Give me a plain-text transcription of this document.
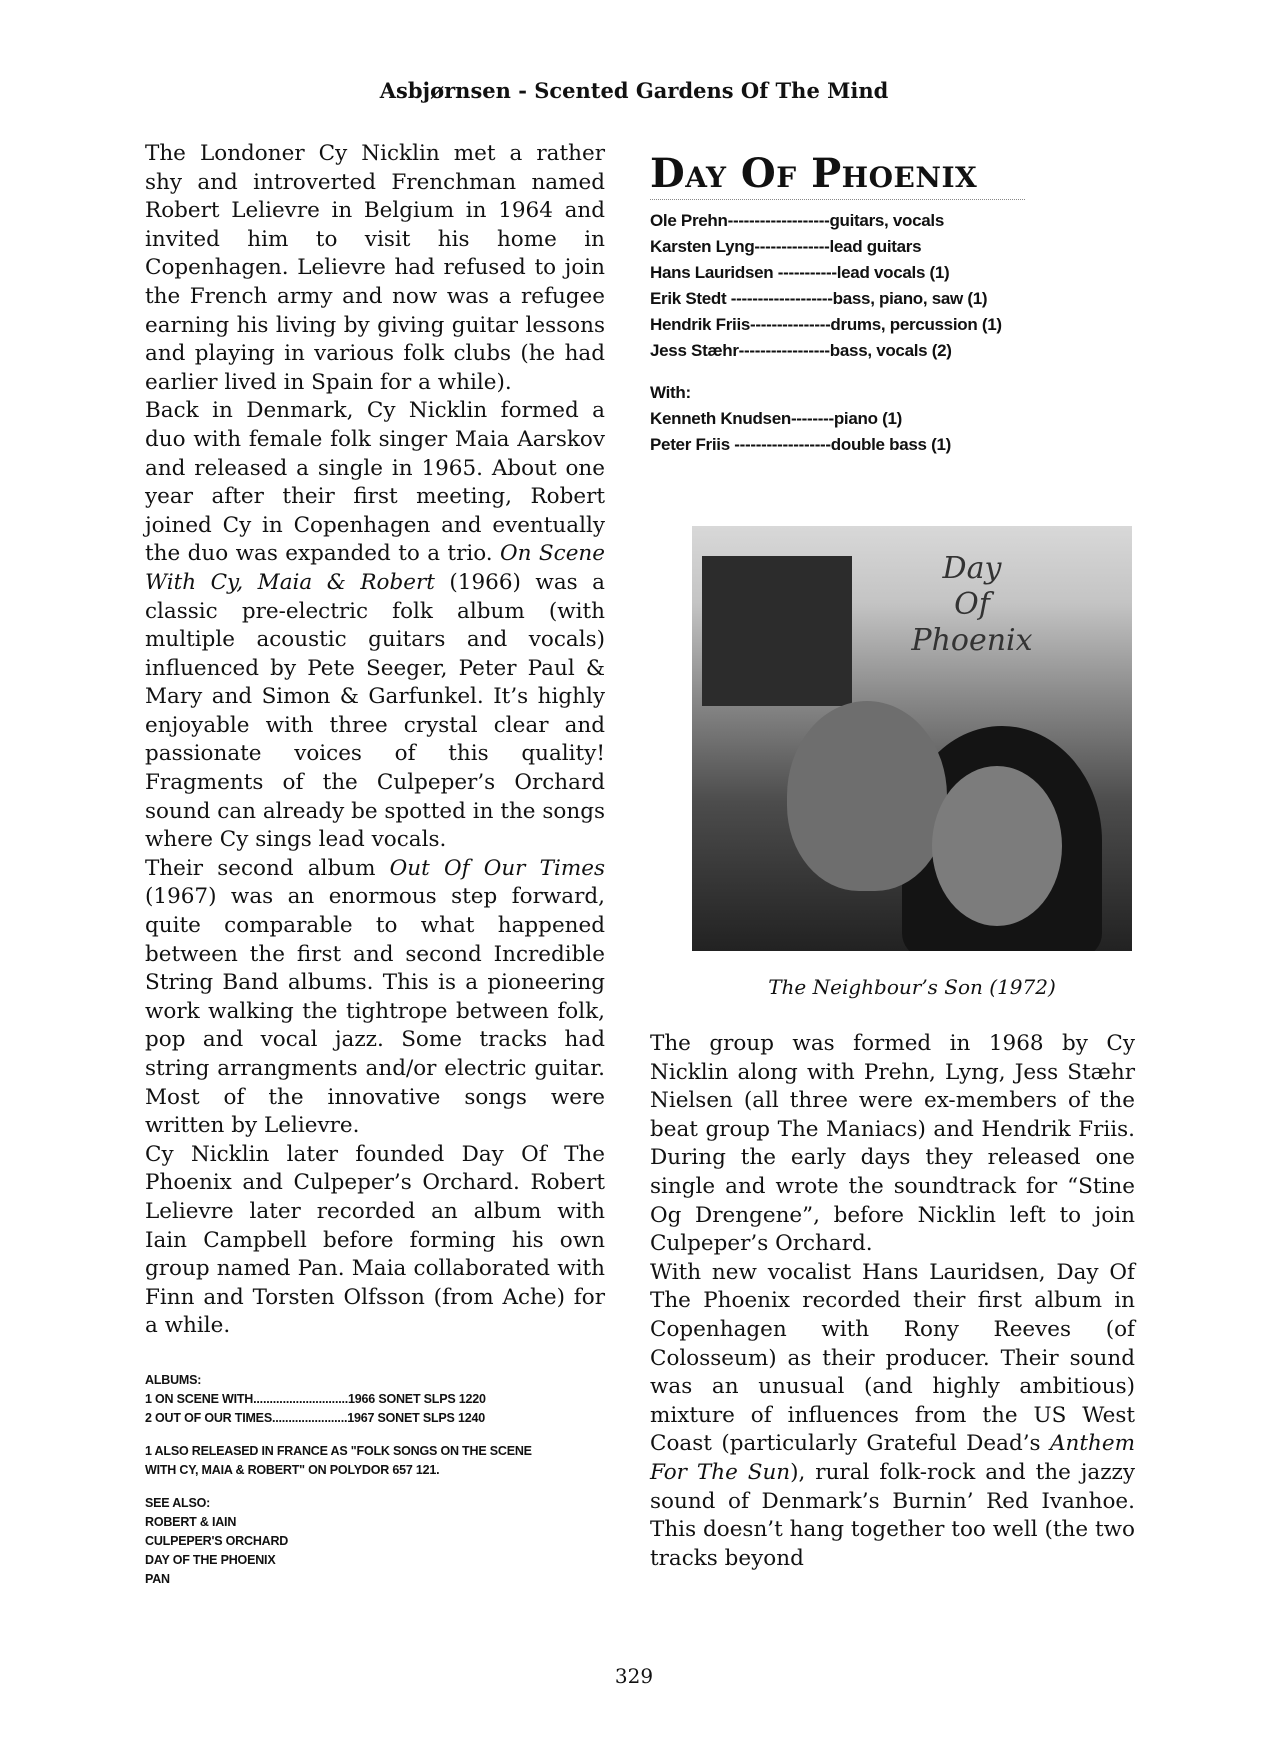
Asbjørnsen - Scented Gardens Of The Mind

The Londoner Cy Nicklin met a rather shy and introverted Frenchman named Robert Lelievre in Belgium in 1964 and invited him to visit his home in Copenhagen. Lelievre had refused to join the French army and now was a refugee earning his living by giving guitar lessons and playing in various folk clubs (he had earlier lived in Spain for a while).

Back in Denmark, Cy Nicklin formed a duo with female folk singer Maia Aarskov and released a single in 1965. About one year after their first meeting, Robert joined Cy in Copenhagen and eventually the duo was expanded to a trio. On Scene With Cy, Maia & Robert (1966) was a classic pre-electric folk album (with multiple acoustic guitars and vocals) influenced by Pete Seeger, Peter Paul & Mary and Simon & Garfunkel. It’s highly enjoyable with three crystal clear and passionate voices of this quality! Fragments of the Culpeper’s Orchard sound can already be spotted in the songs where Cy sings lead vocals.

Their second album Out Of Our Times (1967) was an enormous step forward, quite comparable to what happened between the first and second Incredible String Band albums. This is a pioneering work walking the tightrope between folk, pop and vocal jazz. Some tracks had string arrangments and/or electric guitar. Most of the innovative songs were written by Lelievre.

Cy Nicklin later founded Day Of The Phoenix and Culpeper’s Orchard. Robert Lelievre later recorded an album with Iain Campbell before forming his own group named Pan. Maia collaborated with Finn and Torsten Olfsson (from Ache) for a while.

ALBUMS:
1 ON SCENE WITH.............................1966 SONET SLPS 1220
2 OUT OF OUR TIMES.......................1967 SONET SLPS 1240
1 ALSO RELEASED IN FRANCE AS "FOLK SONGS ON THE SCENE
WITH CY, MAIA & ROBERT" ON POLYDOR 657 121.
SEE ALSO:
ROBERT & IAIN
CULPEPER'S ORCHARD
DAY OF THE PHOENIX
PAN
Day Of Phoenix
Ole Prehn-------------------guitars, vocals
Karsten Lyng--------------lead guitars
Hans Lauridsen -----------lead vocals (1)
Erik Stedt -------------------bass, piano, saw (1)
Hendrik Friis---------------drums, percussion (1)
Jess Stæhr-----------------bass, vocals (2)
With:
Kenneth Knudsen--------piano (1)
Peter Friis ------------------double bass (1)
Day
Of
Phoenix
The Neighbour’s Son (1972)

The group was formed in 1968 by Cy Nicklin along with Prehn, Lyng, Jess Stæhr Nielsen (all three were ex-members of the beat group The Maniacs) and Hendrik Friis. During the early days they released one single and wrote the soundtrack for “Stine Og Drengene”, before Nicklin left to join Culpeper’s Orchard.

With new vocalist Hans Lauridsen, Day Of The Phoenix recorded their first album in Copenhagen with Rony Reeves (of Colosseum) as their producer. Their sound was an unusual (and highly ambitious) mixture of influences from the US West Coast (particularly Grateful Dead’s Anthem For The Sun), rural folk-rock and the jazzy sound of Denmark’s Burnin’ Red Ivanhoe. This doesn’t hang together too well (the two tracks beyond

329
